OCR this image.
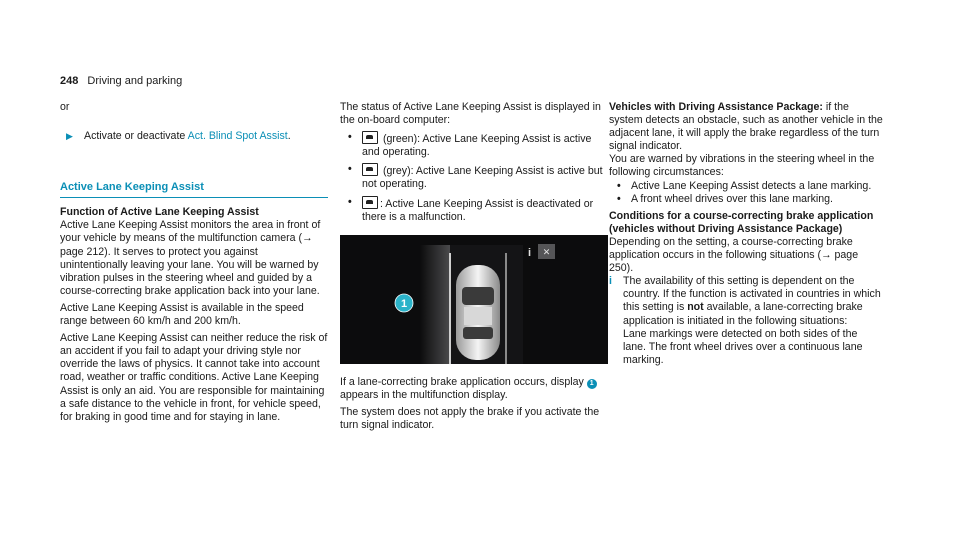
248 Driving and parking

or

▶ Activate or deactivate Act. Blind Spot Assist.

Active Lane Keeping Assist

Function of Active Lane Keeping Assist

Active Lane Keeping Assist monitors the area in front of your vehicle by means of the multifunction camera (→ page 212). It serves to protect you against unintentionally leaving your lane. You will be warned by vibration pulses in the steering wheel and guided by a course-correcting brake application back into your lane.

Active Lane Keeping Assist is available in the speed range between 60 km/h and 200 km/h.

Active Lane Keeping Assist can neither reduce the risk of an accident if you fail to adapt your driving style nor override the laws of physics. It cannot take into account road, weather or traffic conditions. Active Lane Keeping Assist is only an aid. You are responsible for maintaining a safe distance to the vehicle in front, for vehicle speed, for braking in good time and for staying in lane.

The status of Active Lane Keeping Assist is displayed in the on-board computer:

•	(green): Active Lane Keeping Assist is active and operating.
•	(grey): Active Lane Keeping Assist is active but not operating.
•	: Active Lane Keeping Assist is deactivated or there is a malfunction.
1
i ✕

If a lane-correcting brake application occurs, display 1 appears in the multifunction display.

The system does not apply the brake if you activate the turn signal indicator.

Vehicles with Driving Assistance Package: if the system detects an obstacle, such as another vehicle in the adjacent lane, it will apply the brake regardless of the turn signal indicator.

You are warned by vibrations in the steering wheel in the following circumstances:

• Active Lane Keeping Assist detects a lane marking.
• A front wheel drives over this lane marking.

Conditions for a course-correcting brake application (vehicles without Driving Assistance Package)

Depending on the setting, a course-correcting brake application occurs in the following situations (→ page 250).

i	The availability of this setting is dependent on the country. If the function is activated in countries in which this setting is not available, a lane-correcting brake application is initiated in the following situations:
Lane markings were detected on both sides of the lane. The front wheel drives over a continuous lane marking.
